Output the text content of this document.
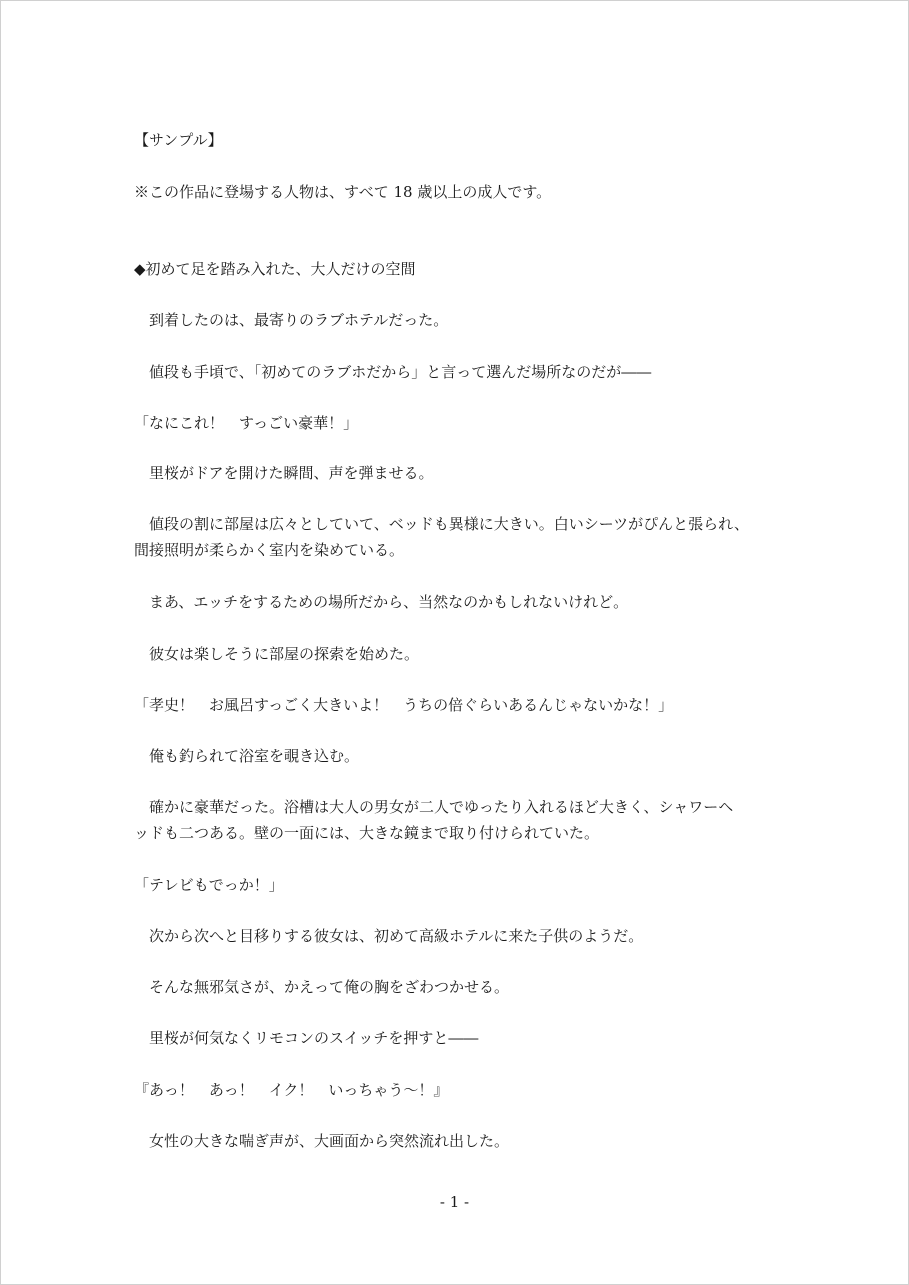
【サンプル】
※この作品に登場する人物は、すべて 18 歳以上の成人です。
◆初めて足を踏み入れた、大人だけの空間
　到着したのは、最寄りのラブホテルだった。
　値段も手頃で、「初めてのラブホだから」と言って選んだ場所なのだが――
「なにこれ！　すっごい豪華！」
　里桜がドアを開けた瞬間、声を弾ませる。
　値段の割に部屋は広々としていて、ベッドも異様に大きい。白いシーツがぴんと張られ、
間接照明が柔らかく室内を染めている。
　まあ、エッチをするための場所だから、当然なのかもしれないけれど。
　彼女は楽しそうに部屋の探索を始めた。
「孝史！　お風呂すっごく大きいよ！　うちの倍ぐらいあるんじゃないかな！」
　俺も釣られて浴室を覗き込む。
　確かに豪華だった。浴槽は大人の男女が二人でゆったり入れるほど大きく、シャワーヘ
ッドも二つある。壁の一面には、大きな鏡まで取り付けられていた。
「テレビもでっか！」
　次から次へと目移りする彼女は、初めて高級ホテルに来た子供のようだ。
　そんな無邪気さが、かえって俺の胸をざわつかせる。
　里桜が何気なくリモコンのスイッチを押すと――
『あっ！　あっ！　イク！　いっちゃう～！』
　女性の大きな喘ぎ声が、大画面から突然流れ出した。
- 1 -
